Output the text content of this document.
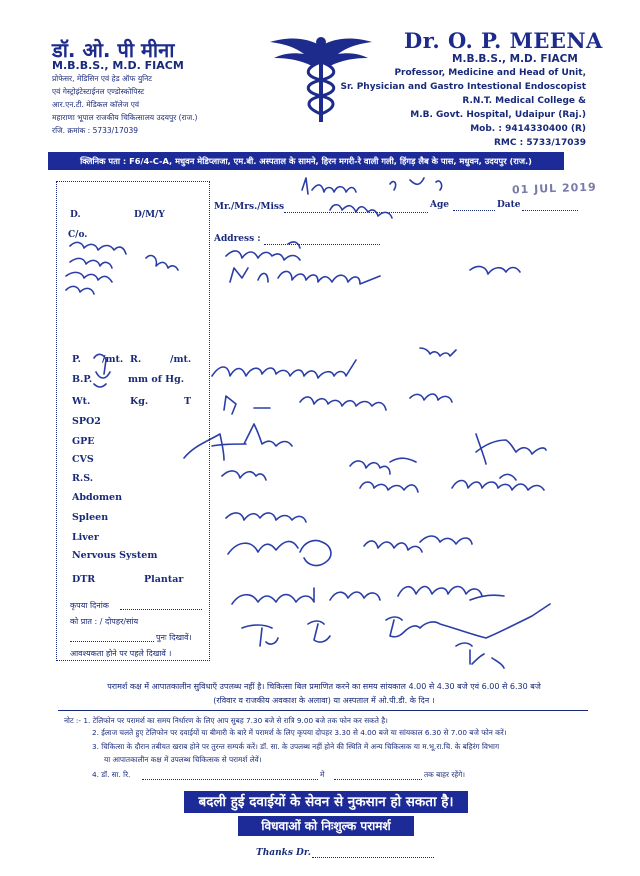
डॉ. ओ. पी मीना
M.B.B.S., M.D. FIACM
प्रोफेसर, मेडिसिन एवं हेड ऑफ युनिट
एवं गेस्ट्रोइंटेस्टाईनल एण्डोस्कोपिस्ट
आर.एन.टी. मेडिकल कॉलेज एवं
महाराणा भूपाल राजकीय चिकित्सालय उदयपुर (राज.)
रजि. क्रमांक : 5733/17039
Dr. O. P. MEENA
M.B.B.S., M.D. FIACM
Professor, Medicine and Head of Unit,
Sr. Physician and Gastro Intestional Endoscopist
R.N.T. Medical College &
M.B. Govt. Hospital, Udaipur (Raj.)
Mob. : 9414330400 (R)
RMC : 5733/17039
क्लिनिक पता : F6/4-C-A, मधुवन मेडिप्लाजा, एम.बी. अस्पताल के सामने, हिरन मगरी-रे वाली गली, हिंगड़ लैब के पास, मधुवन, उदयपुर (राज.)
Mr./Mrs./Miss	Age	Date
Address :
01 JUL 2019
D.	D/M/Y
C/o.
P. /mt. R.	/mt.
B.P.	mm of Hg.
Wt.	Kg.	T
SPO2
GPE
CVS
R.S.
Abdomen
Spleen
Liver
Nervous System
DTR	Plantar
कृपया दिनांक
को प्रात : / दोपहर/सांय
पुनः दिखावें।
आवश्यकता होने पर पहले दिखावें ।
परामर्श कक्ष में आपातकालीन सुविधाएँ उपलब्ध नहीं है। चिकित्सा बिल प्रमाणित करने का समय सांयकाल 4.00 से 4.30 बजे एवं 6.00 से 6.30 बजे
(रविवार व राजकीय अवकाश के अलावा) या अस्पताल में ओ.पी.डी. के दिन ।
नोट :- 1. टेलिफोन पर परामर्श का समय निर्धारण के लिए आप सुबह 7.30 बजे से रात्रि 9.00 बजे तक फोन कर सकते है।
2. ईलाज चलते हुए टेलिफोन पर दवाईयों या बीमारी के बारे में परामर्श के लिए कृपया दोपहर 3.30 से 4.00 बजे या सांयकाल 6.30 से 7.00 बजे फोन करें।
3. चिकित्सा के दौरान तबीयत खराब होने पर तुरन्त सम्पर्क करें। डॉ. सा. के उपलब्ध नहीं होने की स्थिति में अन्य चिकित्सक या म.भू.रा.चि. के बहिरंग विभाग
या आपातकालीन कक्ष में उपलब्ध चिकित्सक से परामर्श लेवें।
4. डॉ. सा. रि.	में	तक बाहर रहेंगे।
बदली हुई दवाईयों के सेवन से नुकसान हो सकता है।
विधवाओं को निःशुल्क परामर्श
Thanks Dr.
